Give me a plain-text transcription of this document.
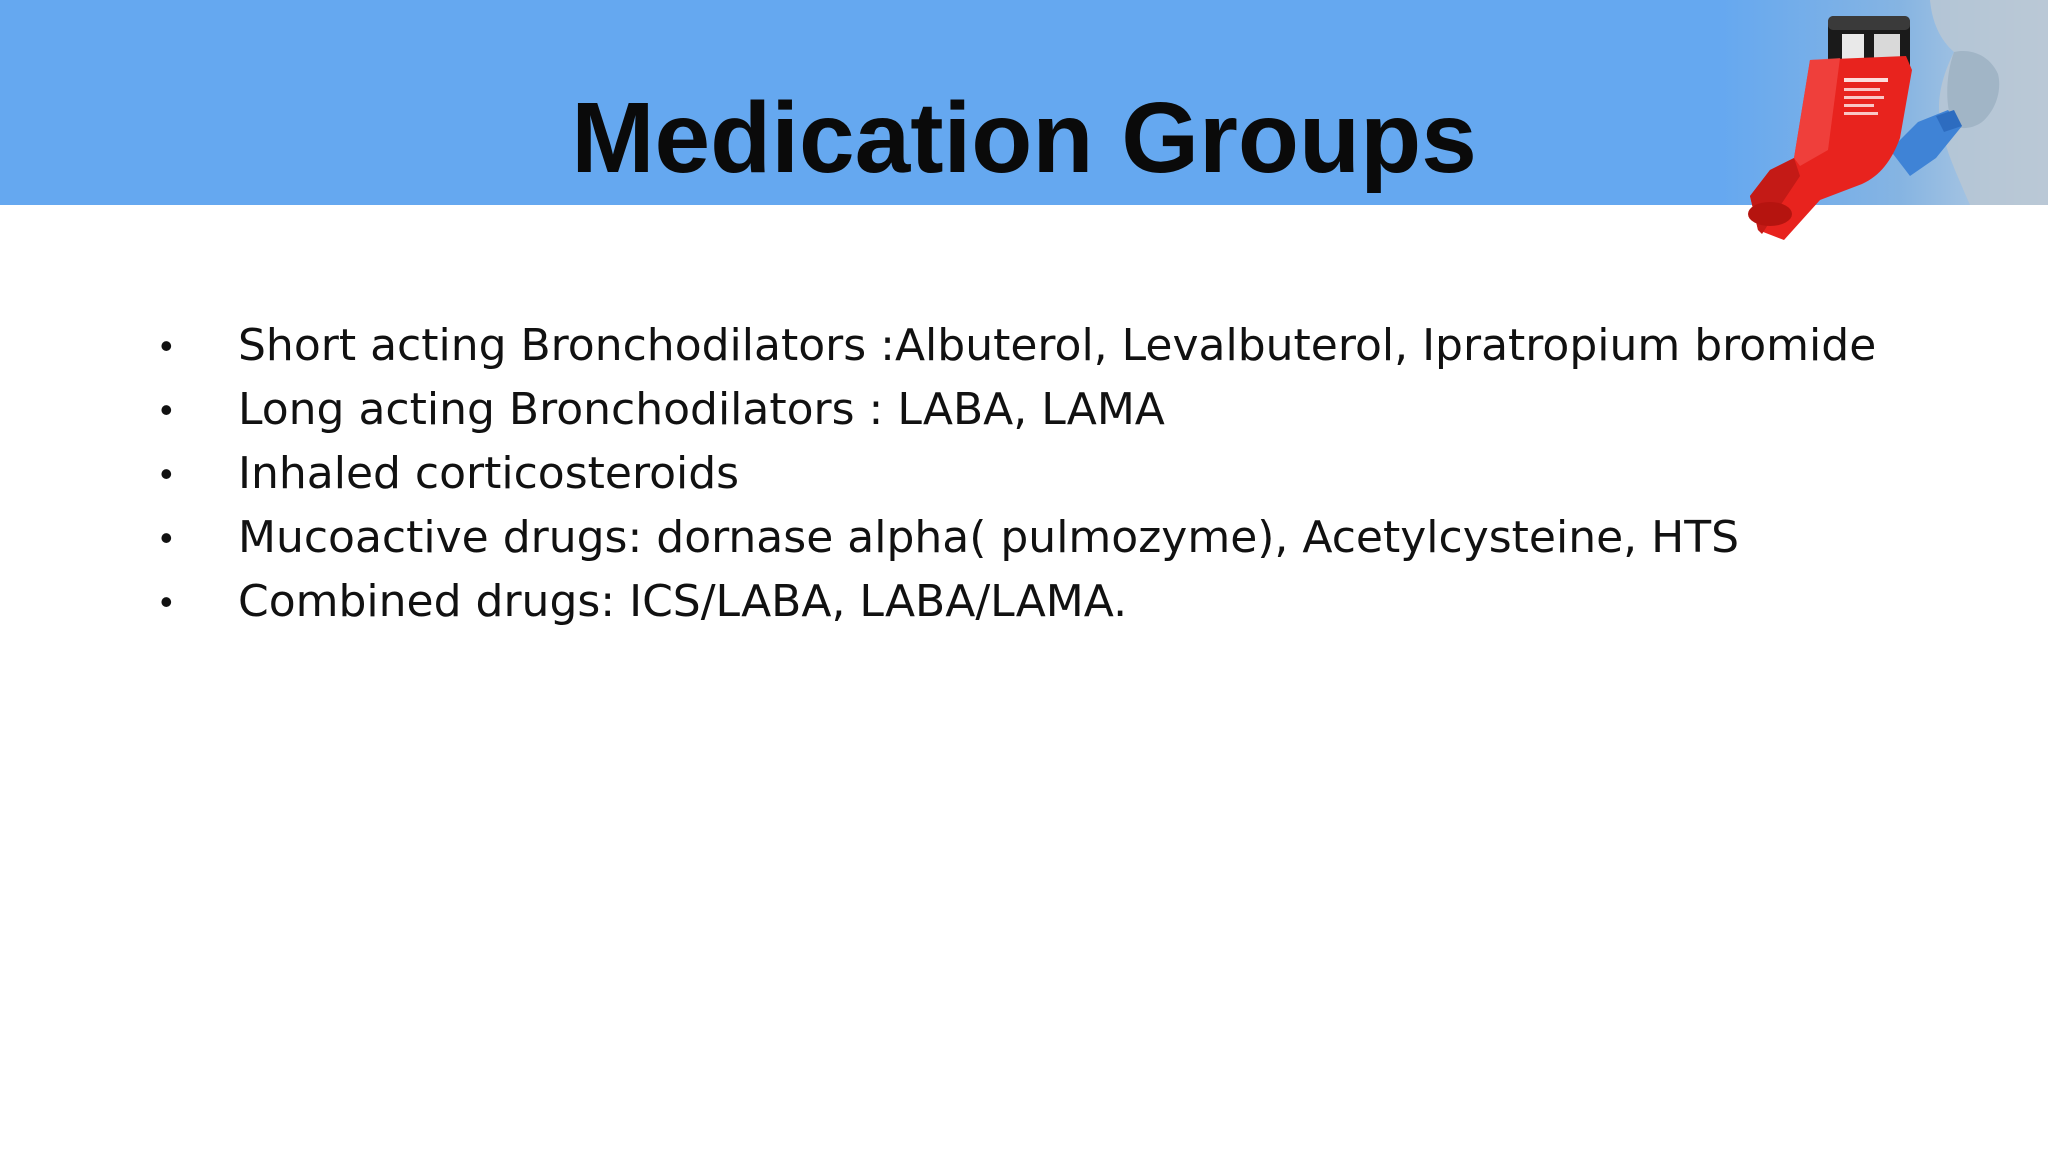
Medication Groups
• Short acting Bronchodilators :Albuterol, Levalbuterol, Ipratropium bromide
• Long acting Bronchodilators : LABA, LAMA
• Inhaled corticosteroids
• Mucoactive drugs: dornase alpha( pulmozyme), Acetylcysteine, HTS
• Combined drugs: ICS/LABA, LABA/LAMA.
